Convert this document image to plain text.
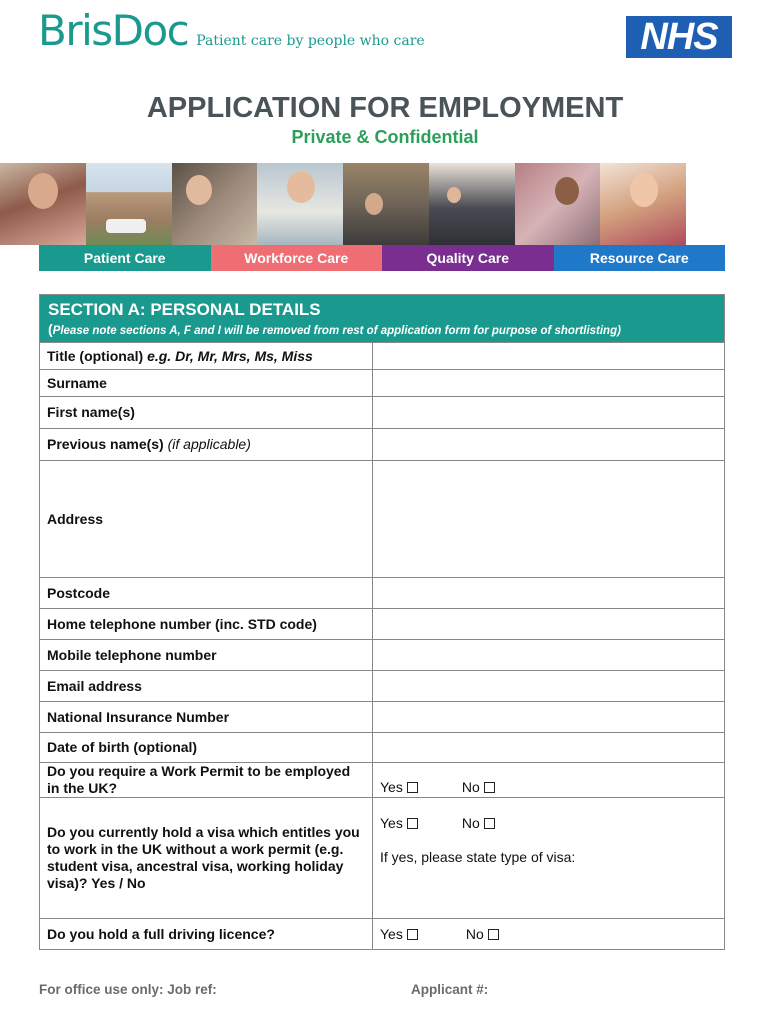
BrisDoc Patient care by people who care	NHS
APPLICATION FOR EMPLOYMENT
Private & Confidential
Patient Care	Workforce Care	Quality Care	Resource Care
SECTION A: PERSONAL DETAILS
(Please note sections A, F and I will be removed from rest of application form for purpose of shortlisting)	

Title (optional) e.g. Dr, Mr, Mrs, Ms, Miss	
Surname	
First name(s)	
Previous name(s) (if applicable)	
Address	
Postcode	
Home telephone number (inc. STD code)	
Mobile telephone number	
Email address	
National Insurance Number	
Date of birth (optional)	
Do you require a Work Permit to be employed in the UK?	Yes No
Do you currently hold a visa which entitles you to work in the UK without a work permit (e.g. student visa, ancestral visa, working holiday visa)? Yes / No	Yes No
If yes, please state type of visa:

Do you hold a full driving licence?	Yes No
For office use only: Job ref:	Applicant #:
